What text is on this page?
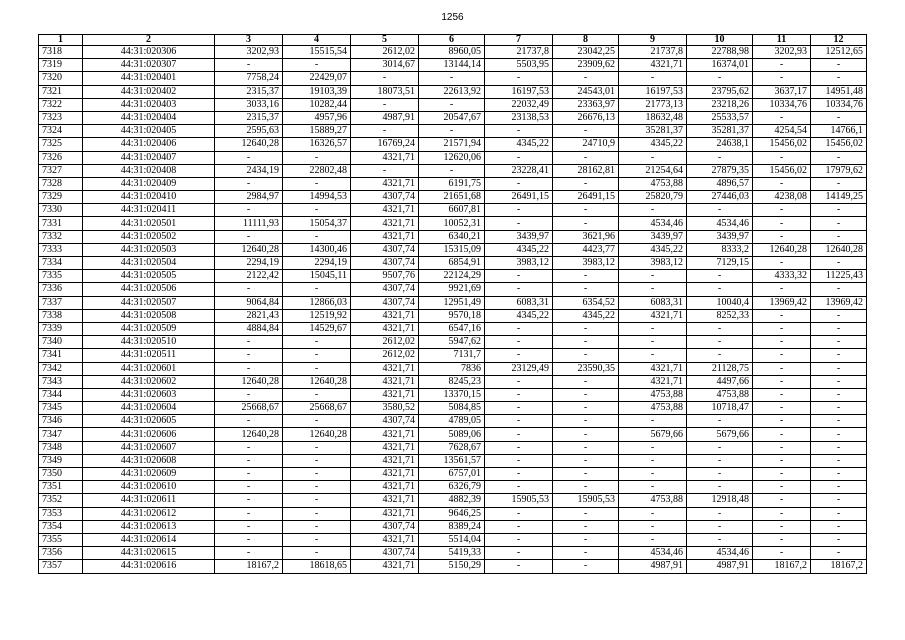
1256
1	2	3	4	5	6	7	8	9	10	11	12
7318	44:31:020306	3202,93	15515,54	2612,02	8960,05	21737,8	23042,25	21737,8	22788,98	3202,93	12512,65
7319	44:31:020307	-	-	3014,67	13144,14	5503,95	23909,62	4321,71	16374,01	-	-
7320	44:31:020401	7758,24	22429,07	-	-	-	-	-	-	-	-
7321	44:31:020402	2315,37	19103,39	18073,51	22613,92	16197,53	24543,01	16197,53	23795,62	3637,17	14951,48
7322	44:31:020403	3033,16	10282,44	-	-	22032,49	23363,97	21773,13	23218,26	10334,76	10334,76
7323	44:31:020404	2315,37	4957,96	4987,91	20547,67	23138,53	26676,13	18632,48	25533,57	-	-
7324	44:31:020405	2595,63	15889,27	-	-	-	-	35281,37	35281,37	4254,54	14766,1
7325	44:31:020406	12640,28	16326,57	16769,24	21571,94	4345,22	24710,9	4345,22	24638,1	15456,02	15456,02
7326	44:31:020407	-	-	4321,71	12620,06	-	-	-	-	-	-
7327	44:31:020408	2434,19	22802,48	-	-	23228,41	28162,81	21254,64	27879,35	15456,02	17979,62
7328	44:31:020409	-	-	4321,71	6191,75	-	-	4753,88	4896,57	-	-
7329	44:31:020410	2984,97	14994,53	4307,74	21651,68	26491,15	26491,15	25820,79	27446,03	4238,08	14149,25
7330	44:31:020411	-	-	4321,71	6607,81	-	-	-	-	-	-
7331	44:31:020501	11111,93	15054,37	4321,71	10052,31	-	-	4534,46	4534,46	-	-
7332	44:31:020502	-	-	4321,71	6340,21	3439,97	3621,96	3439,97	3439,97	-	-
7333	44:31:020503	12640,28	14300,46	4307,74	15315,09	4345,22	4423,77	4345,22	8333,2	12640,28	12640,28
7334	44:31:020504	2294,19	2294,19	4307,74	6854,91	3983,12	3983,12	3983,12	7129,15	-	-
7335	44:31:020505	2122,42	15045,11	9507,76	22124,29	-	-	-	-	4333,32	11225,43
7336	44:31:020506	-	-	4307,74	9921,69	-	-	-	-	-	-
7337	44:31:020507	9064,84	12866,03	4307,74	12951,49	6083,31	6354,52	6083,31	10040,4	13969,42	13969,42
7338	44:31:020508	2821,43	12519,92	4321,71	9570,18	4345,22	4345,22	4321,71	8252,33	-	-
7339	44:31:020509	4884,84	14529,67	4321,71	6547,16	-	-	-	-	-	-
7340	44:31:020510	-	-	2612,02	5947,62	-	-	-	-	-	-
7341	44:31:020511	-	-	2612,02	7131,7	-	-	-	-	-	-
7342	44:31:020601	-	-	4321,71	7836	23129,49	23590,35	4321,71	21128,75	-	-
7343	44:31:020602	12640,28	12640,28	4321,71	8245,23	-	-	4321,71	4497,66	-	-
7344	44:31:020603	-	-	4321,71	13370,15	-	-	4753,88	4753,88	-	-
7345	44:31:020604	25668,67	25668,67	3580,52	5084,85	-	-	4753,88	10718,47	-	-
7346	44:31:020605	-	-	4307,74	4789,05	-	-	-	-	-	-
7347	44:31:020606	12640,28	12640,28	4321,71	5089,06	-	-	5679,66	5679,66	-	-
7348	44:31:020607	-	-	4321,71	7628,67	-	-	-	-	-	-
7349	44:31:020608	-	-	4321,71	13561,57	-	-	-	-	-	-
7350	44:31:020609	-	-	4321,71	6757,01	-	-	-	-	-	-
7351	44:31:020610	-	-	4321,71	6326,79	-	-	-	-	-	-
7352	44:31:020611	-	-	4321,71	4882,39	15905,53	15905,53	4753,88	12918,48	-	-
7353	44:31:020612	-	-	4321,71	9646,25	-	-	-	-	-	-
7354	44:31:020613	-	-	4307,74	8389,24	-	-	-	-	-	-
7355	44:31:020614	-	-	4321,71	5514,04	-	-	-	-	-	-
7356	44:31:020615	-	-	4307,74	5419,33	-	-	4534,46	4534,46	-	-
7357	44:31:020616	18167,2	18618,65	4321,71	5150,29	-	-	4987,91	4987,91	18167,2	18167,2
